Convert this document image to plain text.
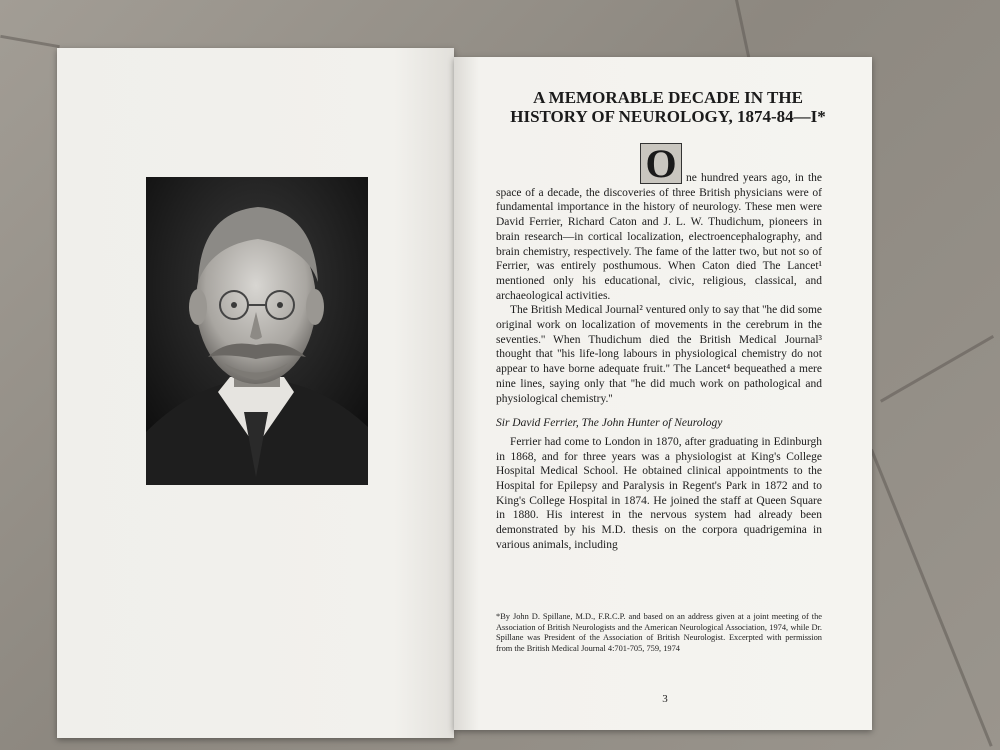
A MEMORABLE DECADE IN THE
HISTORY OF NEUROLOGY, 1874-84—I*
O ne hundred years ago, in the space of a decade, the discoveries of three British physicians were of fundamental importance in the history of neurology. These men were David Ferrier, Richard Caton and J. L. W. Thudichum, pioneers in brain research—in cortical localization, electroencephalography, and brain chemistry, respectively. The fame of the latter two, but not so of Ferrier, was entirely posthumous. When Caton died The Lancet¹ mentioned only his educational, civic, religious, classical, and archaeological activities.

The British Medical Journal² ventured only to say that ''he did some original work on localization of movements in the cerebrum in the seventies.'' When Thudichum died the British Medical Journal³ thought that ''his life-long labours in physiological chemistry do not appear to have borne adequate fruit.'' The Lancet⁴ bequeathed a mere nine lines, saying only that ''he did much work on pathological and physiological chemistry.''

Sir David Ferrier, The John Hunter of Neurology

Ferrier had come to London in 1870, after graduating in Edinburgh in 1868, and for three years was a physiologist at King's College Hospital Medical School. He obtained clinical appointments to the Hospital for Epilepsy and Paralysis in Regent's Park in 1872 and to King's College Hospital in 1874. He joined the staff at Queen Square in 1880. His interest in the nervous system had already been demonstrated by his M.D. thesis on the corpora quadrigemina in various animals, including

*By John D. Spillane, M.D., F.R.C.P. and based on an address given at a joint meeting of the Association of British Neurologists and the American Neurological Association, 1974, while Dr. Spillane was President of the Association of British Neurologist. Excerpted with permission from the British Medical Journal 4:701-705, 759, 1974

3
